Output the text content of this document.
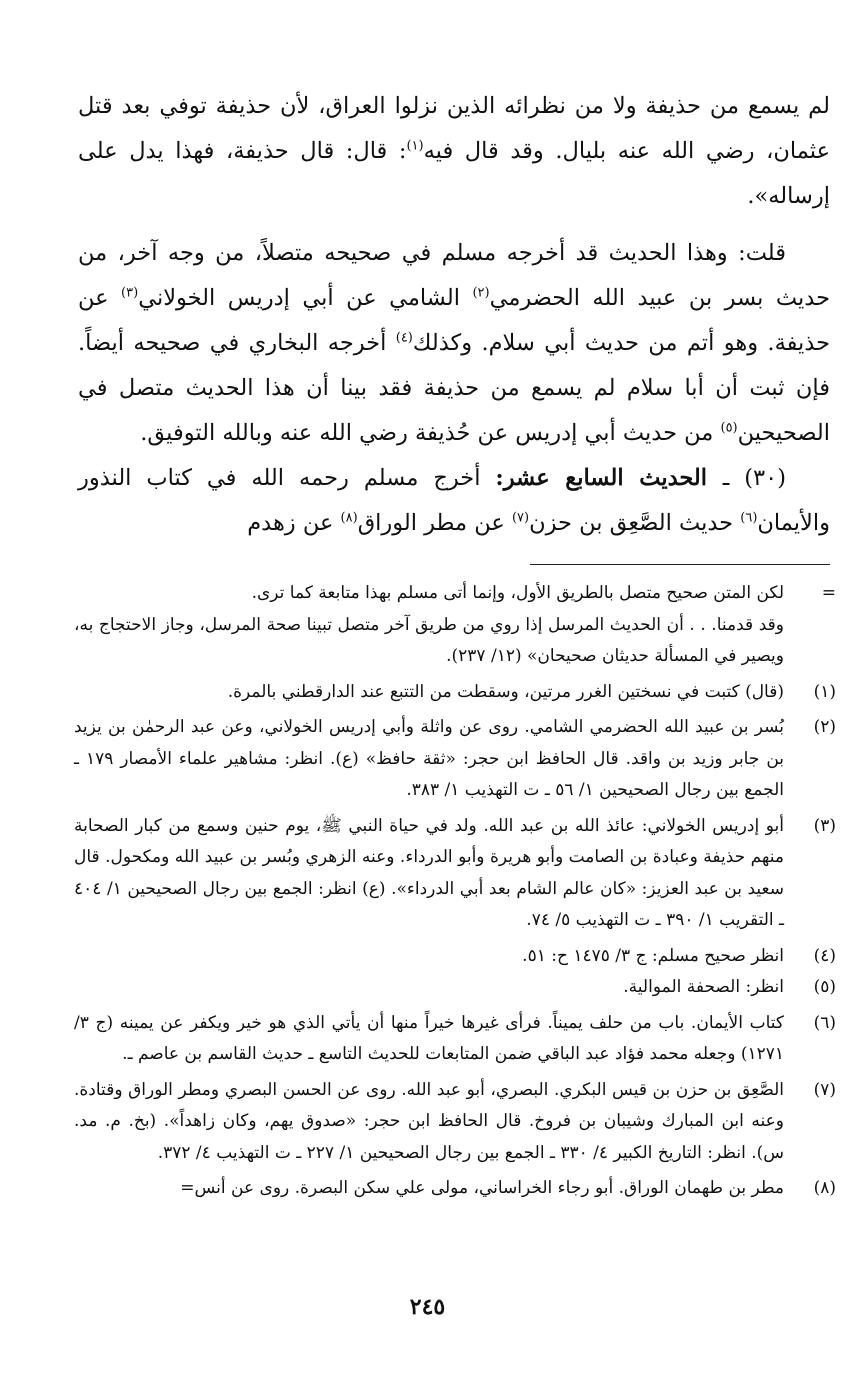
لم يسمع من حذيفة ولا من نظرائه الذين نزلوا العراق، لأن حذيفة توفي بعد قتل عثمان، رضي الله عنه بليال. وقد قال فيه$^{(١)}$: قال: قال حذيفة، فهذا يدل على إرساله».

قلت: وهذا الحديث قد أخرجه مسلم في صحيحه متصلاً، من وجه آخر، من حديث بسر بن عبيد الله الحضرمي$^{(٢)}$ الشامي عن أبي إدريس الخولاني$^{(٣)}$ عن حذيفة. وهو أتم من حديث أبي سلام. وكذلك$^{(٤)}$ أخرجه البخاري في صحيحه أيضاً. فإن ثبت أن أبا سلام لم يسمع من حذيفة فقد بينا أن هذا الحديث متصل في الصحيحين$^{(٥)}$ من حديث أبي إدريس عن حُذيفة رضي الله عنه وبالله التوفيق.

(٣٠) ـ الحديث السابع عشر: أخرج مسلم رحمه الله في كتاب النذور والأيمان$^{(٦)}$ حديث الصَّعِق بن حزن$^{(٧)}$ عن مطر الوراق$^{(٨)}$ عن زهدم

=
لكن المتن صحيح متصل بالطريق الأول، وإنما أتى مسلم بهذا متابعة كما ترى.
وقد قدمنا. . . أن الحديث المرسل إذا روي من طريق آخر متصل تبينا صحة المرسل، وجاز الاحتجاج به، ويصير في المسألة حديثان صحيحان» (١٢/ ٢٣٧).
(١)
(قال) كتبت في نسختين الغرر مرتين، وسقطت من التتبع عند الدارقطني بالمرة.
(٢)
بُسر بن عبيد الله الحضرمي الشامي. روى عن واثلة وأبي إدريس الخولاني، وعن عبد الرحمٰن بن يزيد بن جابر وزيد بن واقد. قال الحافظ ابن حجر: «ثقة حافظ» (ع). انظر: مشاهير علماء الأمصار ١٧٩ ـ الجمع بين رجال الصحيحين ١/ ٥٦ ـ ت التهذيب ١/ ٣٨٣.
(٣)
أبو إدريس الخولاني: عائذ الله بن عبد الله. ولد في حياة النبي ﷺ، يوم حنين وسمع من كبار الصحابة منهم حذيفة وعبادة بن الصامت وأبو هريرة وأبو الدرداء. وعنه الزهري وبُسر بن عبيد الله ومكحول. قال سعيد بن عبد العزيز: «كان عالم الشام بعد أبي الدرداء». (ع) انظر: الجمع بين رجال الصحيحين ١/ ٤٠٤ ـ التقريب ١/ ٣٩٠ ـ ت التهذيب ٥/ ٧٤.
(٤)
انظر صحيح مسلم: ج ٣/ ١٤٧٥ ح: ٥١.
(٥)
انظر: الصحفة الموالية.
(٦)
كتاب الأيمان. باب من حلف يميناً. فرأى غيرها خيراً منها أن يأتي الذي هو خير ويكفر عن يمينه (ج ٣/ ١٢٧١) وجعله محمد فؤاد عبد الباقي ضمن المتابعات للحديث التاسع ـ حديث القاسم بن عاصم ـ.
(٧)
الصَّعِق بن حزن بن قيس البكري. البصري، أبو عبد الله. روى عن الحسن البصري ومطر الوراق وقتادة. وعنه ابن المبارك وشيبان بن فروخ. قال الحافظ ابن حجر: «صدوق يهم، وكان زاهداً». (بخ. م. مد. س). انظر: التاريخ الكبير ٤/ ٣٣٠ ـ الجمع بين رجال الصحيحين ١/ ٢٢٧ ـ ت التهذيب ٤/ ٣٧٢.
(٨)
مطر بن طهمان الوراق. أبو رجاء الخراساني، مولى علي سكن البصرة. روى عن أنس=
٢٤٥
